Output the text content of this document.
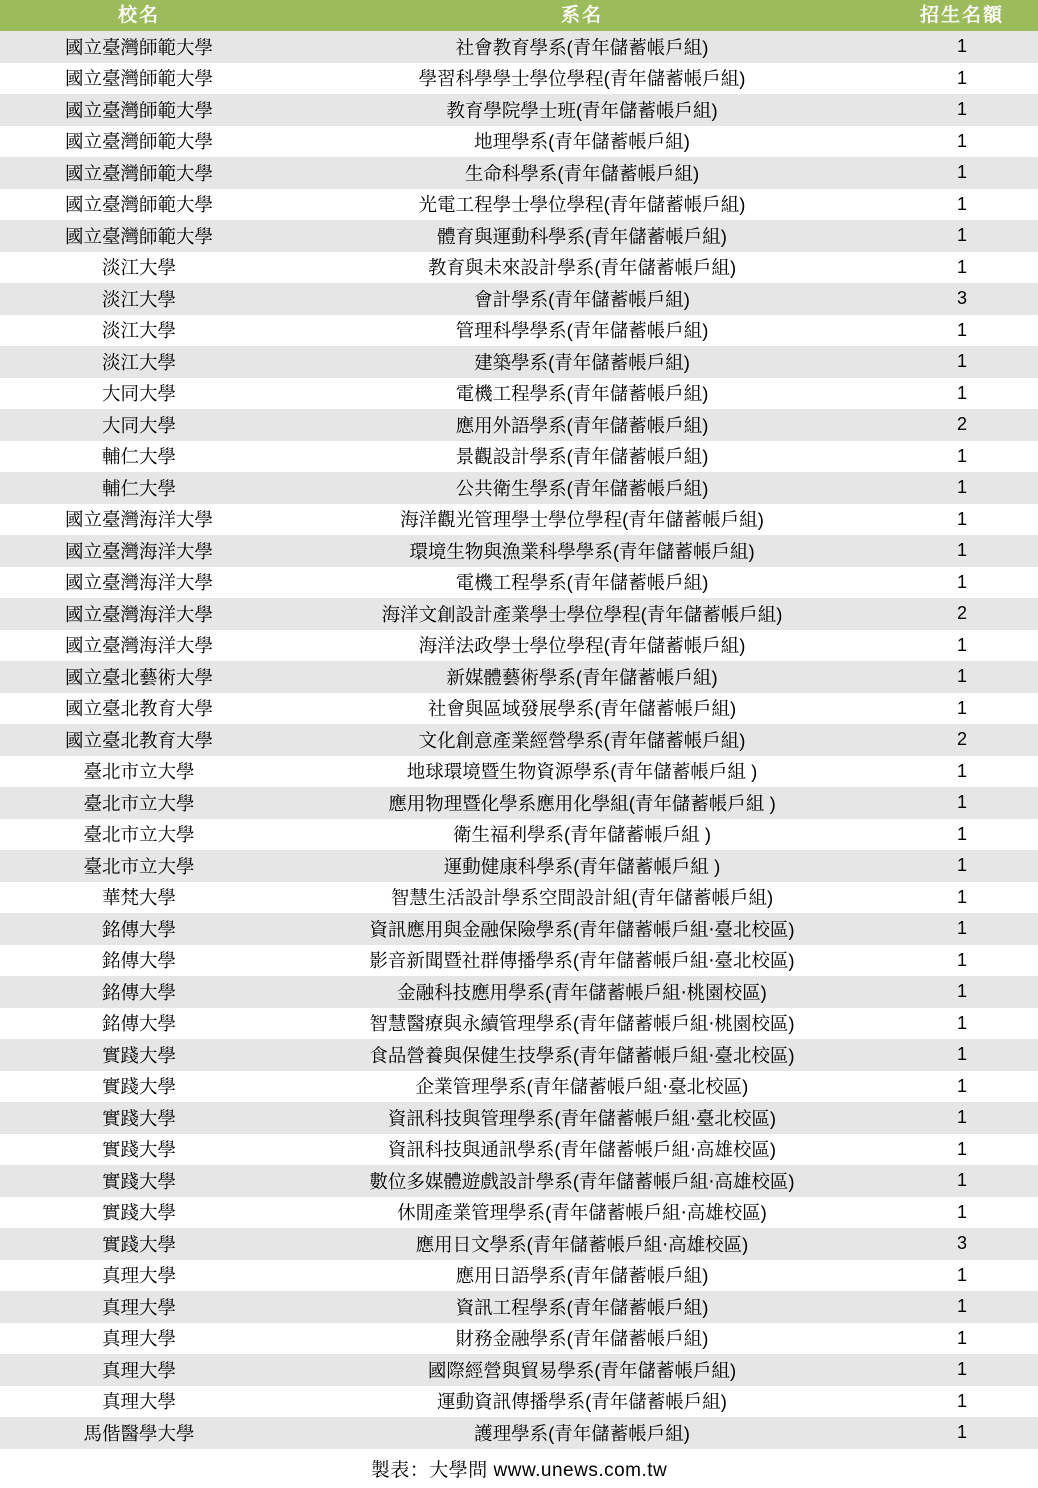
校名	系名	招生名額
國立臺灣師範大學	社會教育學系(青年儲蓄帳戶組)	1
國立臺灣師範大學	學習科學學士學位學程(青年儲蓄帳戶組)	1
國立臺灣師範大學	教育學院學士班(青年儲蓄帳戶組)	1
國立臺灣師範大學	地理學系(青年儲蓄帳戶組)	1
國立臺灣師範大學	生命科學系(青年儲蓄帳戶組)	1
國立臺灣師範大學	光電工程學士學位學程(青年儲蓄帳戶組)	1
國立臺灣師範大學	體育與運動科學系(青年儲蓄帳戶組)	1
淡江大學	教育與未來設計學系(青年儲蓄帳戶組)	1
淡江大學	會計學系(青年儲蓄帳戶組)	3
淡江大學	管理科學學系(青年儲蓄帳戶組)	1
淡江大學	建築學系(青年儲蓄帳戶組)	1
大同大學	電機工程學系(青年儲蓄帳戶組)	1
大同大學	應用外語學系(青年儲蓄帳戶組)	2
輔仁大學	景觀設計學系(青年儲蓄帳戶組)	1
輔仁大學	公共衛生學系(青年儲蓄帳戶組)	1
國立臺灣海洋大學	海洋觀光管理學士學位學程(青年儲蓄帳戶組)	1
國立臺灣海洋大學	環境生物與漁業科學學系(青年儲蓄帳戶組)	1
國立臺灣海洋大學	電機工程學系(青年儲蓄帳戶組)	1
國立臺灣海洋大學	海洋文創設計產業學士學位學程(青年儲蓄帳戶組)	2
國立臺灣海洋大學	海洋法政學士學位學程(青年儲蓄帳戶組)	1
國立臺北藝術大學	新媒體藝術學系(青年儲蓄帳戶組)	1
國立臺北教育大學	社會與區域發展學系(青年儲蓄帳戶組)	1
國立臺北教育大學	文化創意產業經營學系(青年儲蓄帳戶組)	2
臺北市立大學	地球環境暨生物資源學系(青年儲蓄帳戶組 )	1
臺北市立大學	應用物理暨化學系應用化學組(青年儲蓄帳戶組 )	1
臺北市立大學	衛生福利學系(青年儲蓄帳戶組 )	1
臺北市立大學	運動健康科學系(青年儲蓄帳戶組 )	1
華梵大學	智慧生活設計學系空間設計組(青年儲蓄帳戶組)	1
銘傳大學	資訊應用與金融保險學系(青年儲蓄帳戶組‧臺北校區)	1
銘傳大學	影音新聞暨社群傳播學系(青年儲蓄帳戶組‧臺北校區)	1
銘傳大學	金融科技應用學系(青年儲蓄帳戶組‧桃園校區)	1
銘傳大學	智慧醫療與永續管理學系(青年儲蓄帳戶組‧桃園校區)	1
實踐大學	食品營養與保健生技學系(青年儲蓄帳戶組‧臺北校區)	1
實踐大學	企業管理學系(青年儲蓄帳戶組‧臺北校區)	1
實踐大學	資訊科技與管理學系(青年儲蓄帳戶組‧臺北校區)	1
實踐大學	資訊科技與通訊學系(青年儲蓄帳戶組‧高雄校區)	1
實踐大學	數位多媒體遊戲設計學系(青年儲蓄帳戶組‧高雄校區)	1
實踐大學	休閒產業管理學系(青年儲蓄帳戶組‧高雄校區)	1
實踐大學	應用日文學系(青年儲蓄帳戶組‧高雄校區)	3
真理大學	應用日語學系(青年儲蓄帳戶組)	1
真理大學	資訊工程學系(青年儲蓄帳戶組)	1
真理大學	財務金融學系(青年儲蓄帳戶組)	1
真理大學	國際經營與貿易學系(青年儲蓄帳戶組)	1
真理大學	運動資訊傳播學系(青年儲蓄帳戶組)	1
馬偕醫學大學	護理學系(青年儲蓄帳戶組)	1
製表：大學問 www.unews.com.tw
